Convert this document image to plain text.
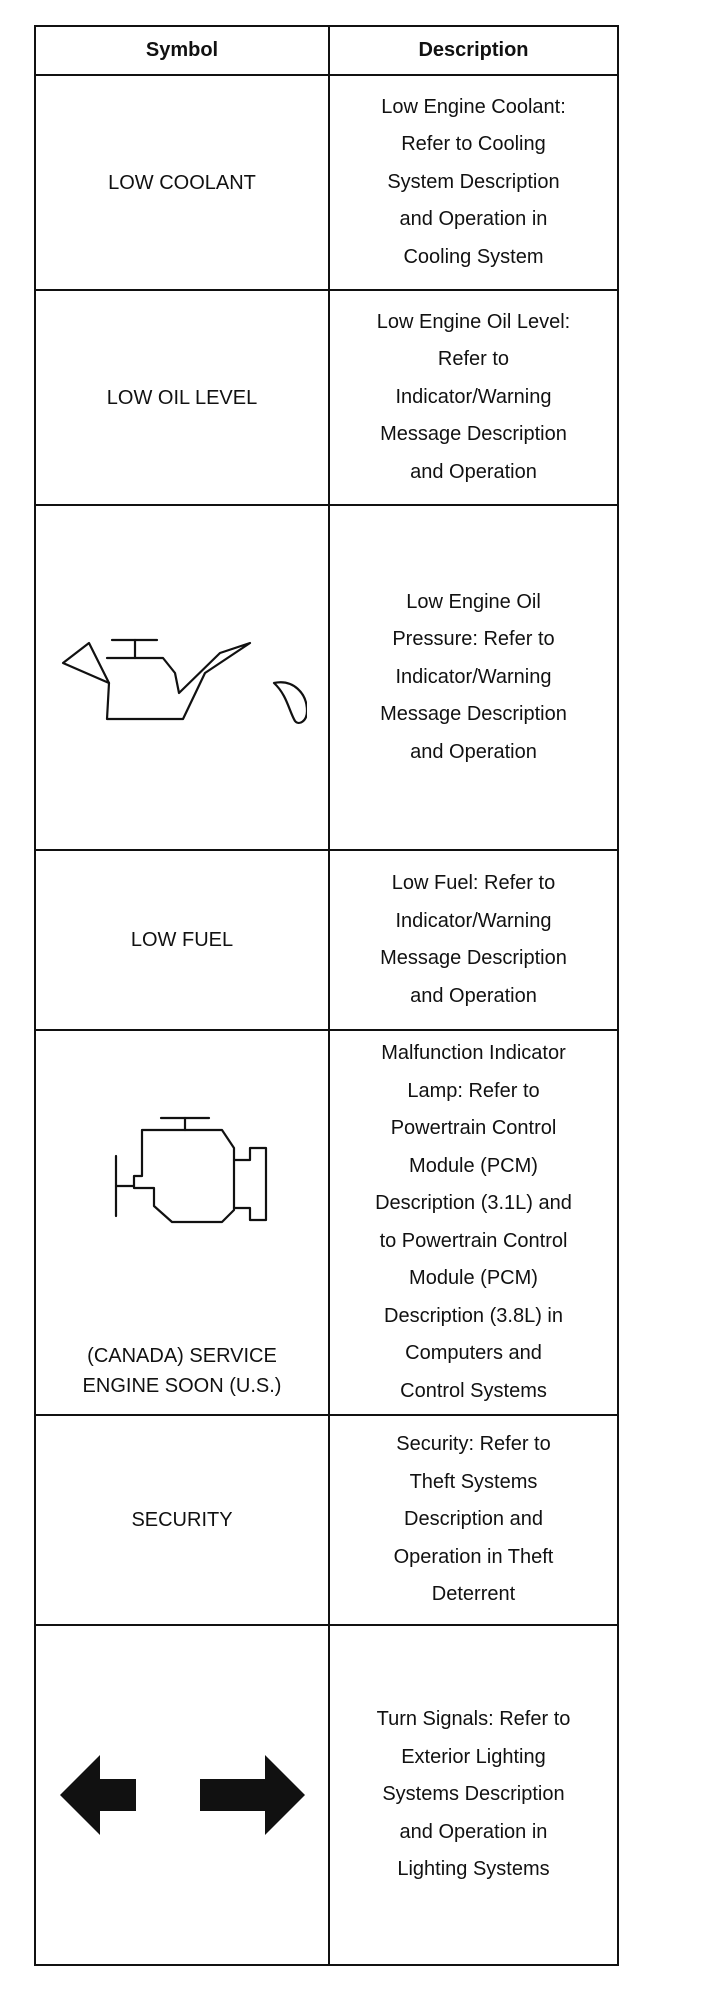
Symbol	Description
LOW COOLANT
Low Engine Coolant:
Refer to Cooling
System Description
and Operation in
Cooling System
LOW OIL LEVEL
Low Engine Oil Level:
Refer to
Indicator/Warning
Message Description
and Operation
Low Engine Oil
Pressure: Refer to
Indicator/Warning
Message Description
and Operation
LOW FUEL
Low Fuel: Refer to
Indicator/Warning
Message Description
and Operation
(CANADA) SERVICE
ENGINE SOON (U.S.)
Malfunction Indicator
Lamp: Refer to
Powertrain Control
Module (PCM)
Description (3.1L) and
to Powertrain Control
Module (PCM)
Description (3.8L) in
Computers and
Control Systems
SECURITY
Security: Refer to
Theft Systems
Description and
Operation in Theft
Deterrent
Turn Signals: Refer to
Exterior Lighting
Systems Description
and Operation in
Lighting Systems
